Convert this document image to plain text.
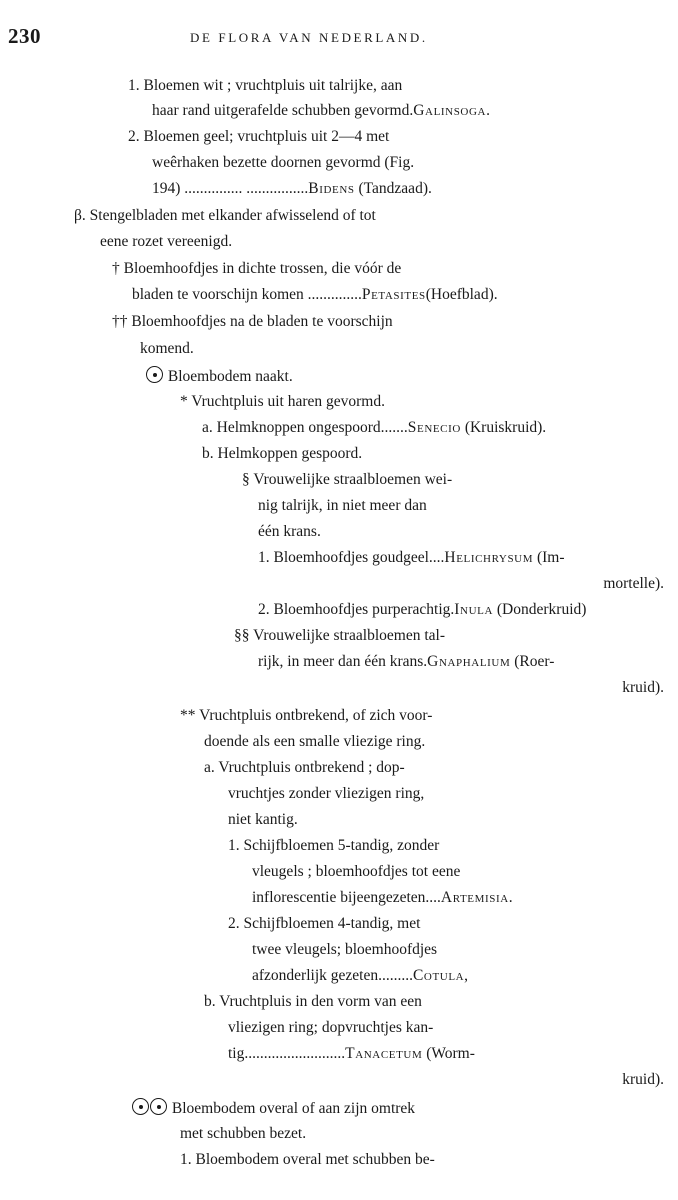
230	DE FLORA VAN NEDERLAND.
1. Bloemen wit ; vruchtpluis uit talrijke, aan
haar rand uitgerafelde schubben gevormd.Galinsoga.
2. Bloemen geel; vruchtpluis uit 2—4 met
weêrhaken bezette doornen gevormd (Fig.
194) ............... ................Bidens (Tandzaad).
β. Stengelbladen met elkander afwisselend of tot
eene rozet vereenigd.
† Bloemhoofdjes in dichte trossen, die vóór de
bladen te voorschijn komen ..............Petasites(Hoefblad).
†† Bloemhoofdjes na de bladen te voorschijn
komend.
Bloembodem naakt.
* Vruchtpluis uit haren gevormd.
a. Helmknoppen ongespoord.......Senecio (Kruiskruid).
b. Helmkoppen gespoord.
§ Vrouwelijke straalbloemen wei-
nig talrijk, in niet meer dan
één krans.
1. Bloemhoofdjes goudgeel....Helichrysum (Im-
mortelle).
2. Bloemhoofdjes purperachtig.Inula (Donderkruid)
§§ Vrouwelijke straalbloemen tal-
rijk, in meer dan één krans.Gnaphalium (Roer-
kruid).
** Vruchtpluis ontbrekend, of zich voor-
doende als een smalle vliezige ring.
a. Vruchtpluis ontbrekend ; dop-
vruchtjes zonder vliezigen ring,
niet kantig.
1. Schijfbloemen 5-tandig, zonder
vleugels ; bloemhoofdjes tot eene
inflorescentie bijeengezeten....Artemisia.
2. Schijfbloemen 4-tandig, met
twee vleugels; bloemhoofdjes
afzonderlijk gezeten.........Cotula,
b. Vruchtpluis in den vorm van een
vliezigen ring; dopvruchtjes kan-
tig..........................Tanacetum (Worm-
kruid).
Bloembodem overal of aan zijn omtrek
met schubben bezet.
1. Bloembodem overal met schubben be-
